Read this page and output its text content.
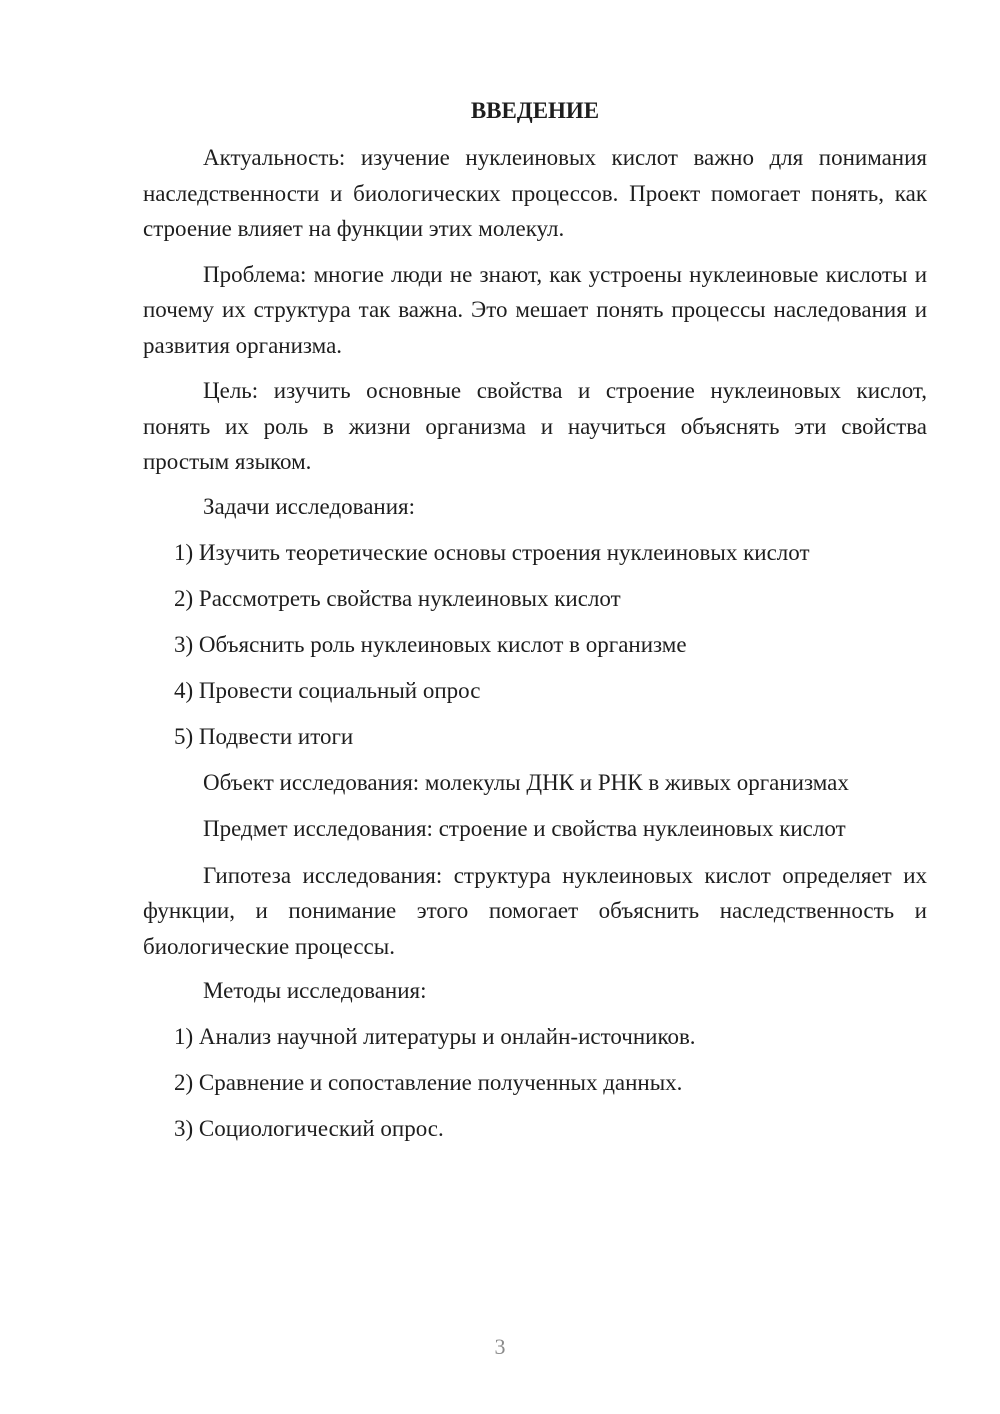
ВВЕДЕНИЕ

Актуальность: изучение нуклеиновых кислот важно для понимания наследственности и биологических процессов. Проект помогает понять, как строение влияет на функции этих молекул.

Проблема: многие люди не знают, как устроены нуклеиновые кислоты и почему их структура так важна. Это мешает понять процессы наследования и развития организма.

Цель: изучить основные свойства и строение нуклеиновых кислот, понять их роль в жизни организма и научиться объяснять эти свойства простым языком.

Задачи исследования:
1) Изучить теоретические основы строения нуклеиновых кислот
2) Рассмотреть свойства нуклеиновых кислот
3) Объяснить роль нуклеиновых кислот в организме
4) Провести социальный опрос
5) Подвести итоги
Объект исследования: молекулы ДНК и РНК в живых организмах
Предмет исследования: строение и свойства нуклеиновых кислот

Гипотеза исследования: структура нуклеиновых кислот определяет их функции, и понимание этого помогает объяснить наследственность и биологические процессы.

Методы исследования:
1) Анализ научной литературы и онлайн-источников.
2) Сравнение и сопоставление полученных данных.
3) Социологический опрос.
3
